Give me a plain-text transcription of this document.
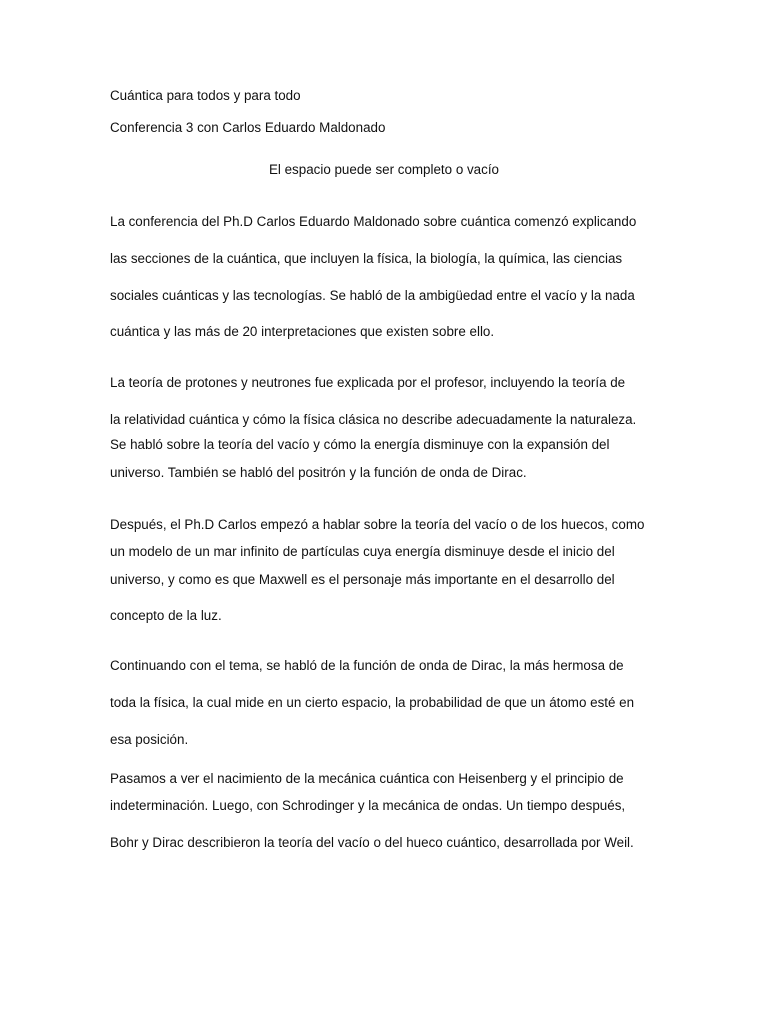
Cuántica para todos y para todo
Conferencia 3 con Carlos Eduardo Maldonado
El espacio puede ser completo o vacío
La conferencia del Ph.D Carlos Eduardo Maldonado sobre cuántica comenzó explicando
las secciones de la cuántica, que incluyen la física, la biología, la química, las ciencias
sociales cuánticas y las tecnologías. Se habló de la ambigüedad entre el vacío y la nada
cuántica y las más de 20 interpretaciones que existen sobre ello.
La teoría de protones y neutrones fue explicada por el profesor, incluyendo la teoría de
la relatividad cuántica y cómo la física clásica no describe adecuadamente la naturaleza.
Se habló sobre la teoría del vacío y cómo la energía disminuye con la expansión del
universo. También se habló del positrón y la función de onda de Dirac.
Después, el Ph.D Carlos empezó a hablar sobre la teoría del vacío o de los huecos, como
un modelo de un mar infinito de partículas cuya energía disminuye desde el inicio del
universo, y como es que Maxwell es el personaje más importante en el desarrollo del
concepto de la luz.
Continuando con el tema, se habló de la función de onda de Dirac, la más hermosa de
toda la física, la cual mide en un cierto espacio, la probabilidad de que un átomo esté en
esa posición.
Pasamos a ver el nacimiento de la mecánica cuántica con Heisenberg y el principio de
indeterminación. Luego, con Schrodinger y la mecánica de ondas. Un tiempo después,
Bohr y Dirac describieron la teoría del vacío o del hueco cuántico, desarrollada por Weil.
